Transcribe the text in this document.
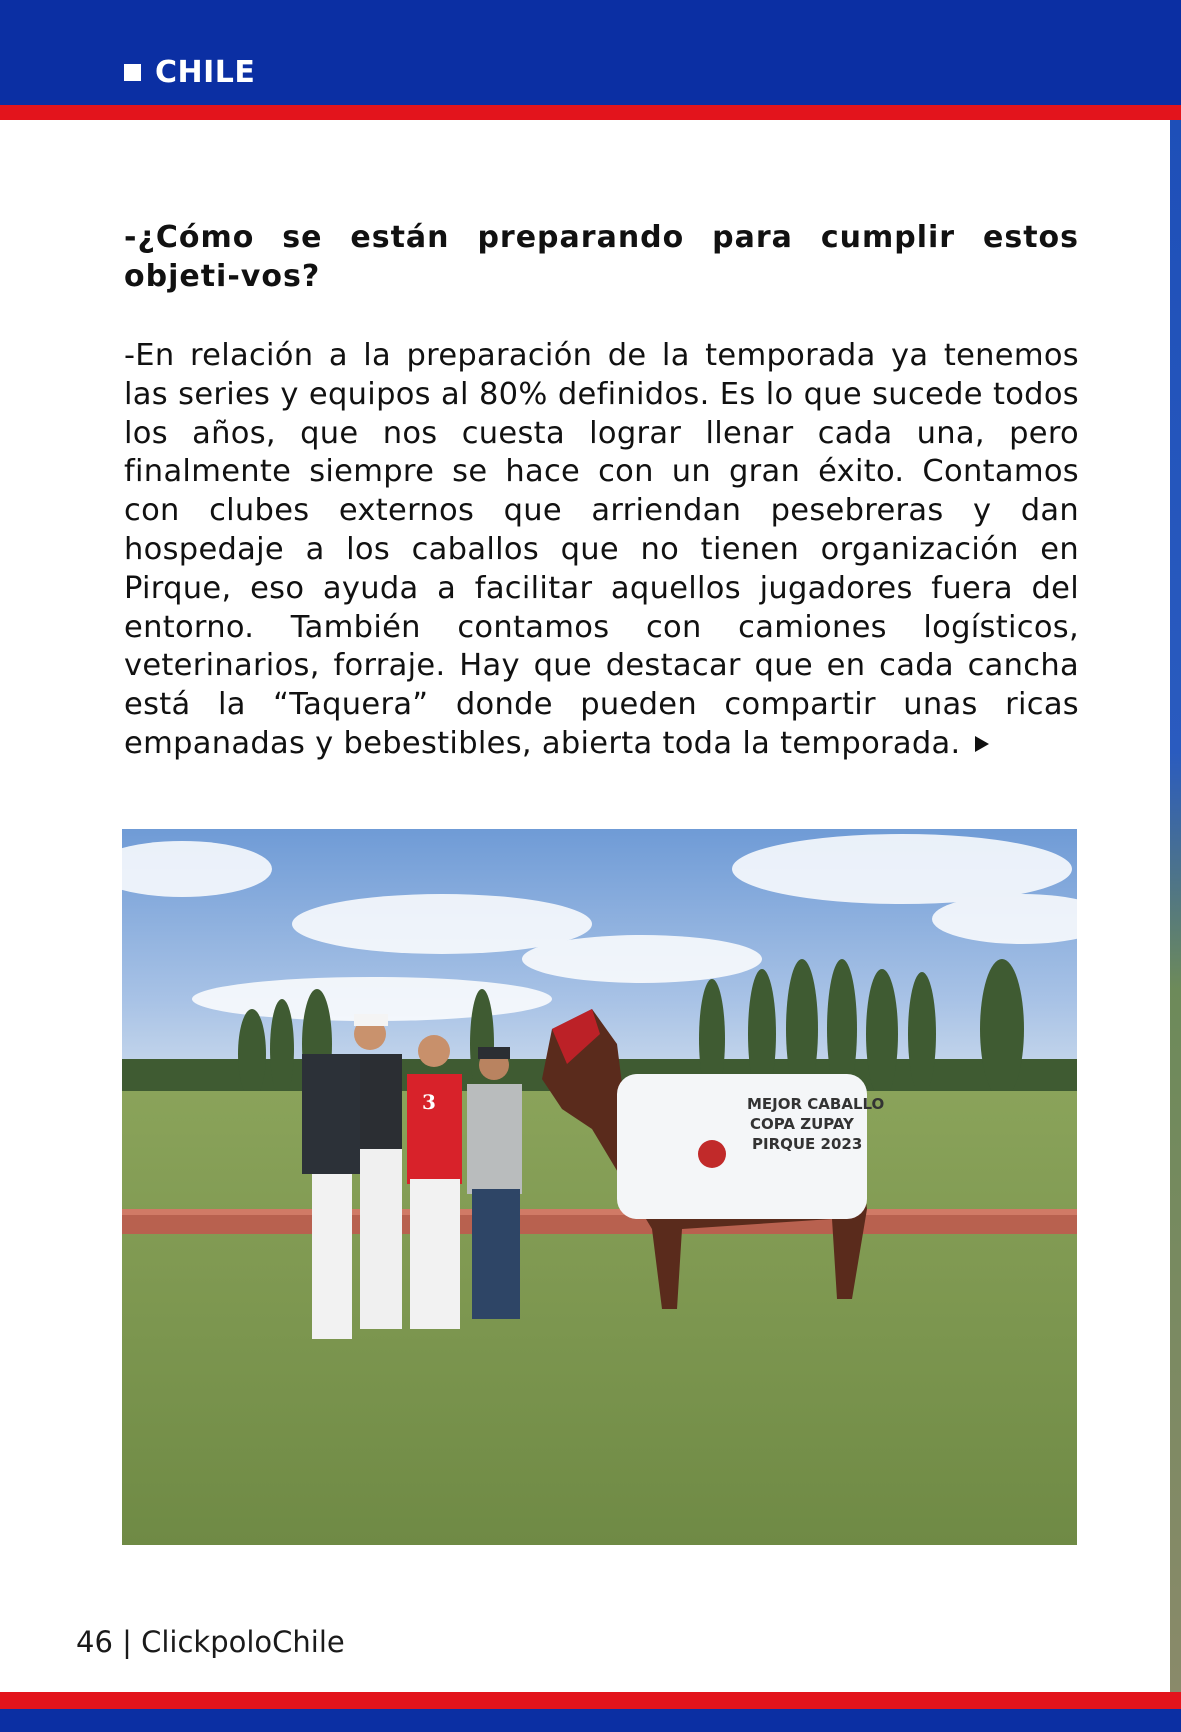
CHILE
-¿Cómo se están preparando para cumplir estos objeti-vos?
-En relación a la preparación de la temporada ya tenemos las series y equipos al 80% definidos. Es lo que sucede todos los años, que nos cuesta lograr llenar cada una, pero finalmente siempre se hace con un gran éxito. Contamos con clubes externos que arriendan pesebreras y dan hospedaje a los caballos que no tienen organización en Pirque, eso ayuda a facilitar aquellos jugadores fuera del entorno. También contamos con camiones logísticos, veterinarios, forraje. Hay que destacar que en cada cancha está la “Taquera” donde pueden compartir unas ricas empanadas y bebestibles, abierta toda la temporada.
MEJOR CABALLO
COPA ZUPAY
PIRQUE 2023
3
46 | ClickpoloChile
